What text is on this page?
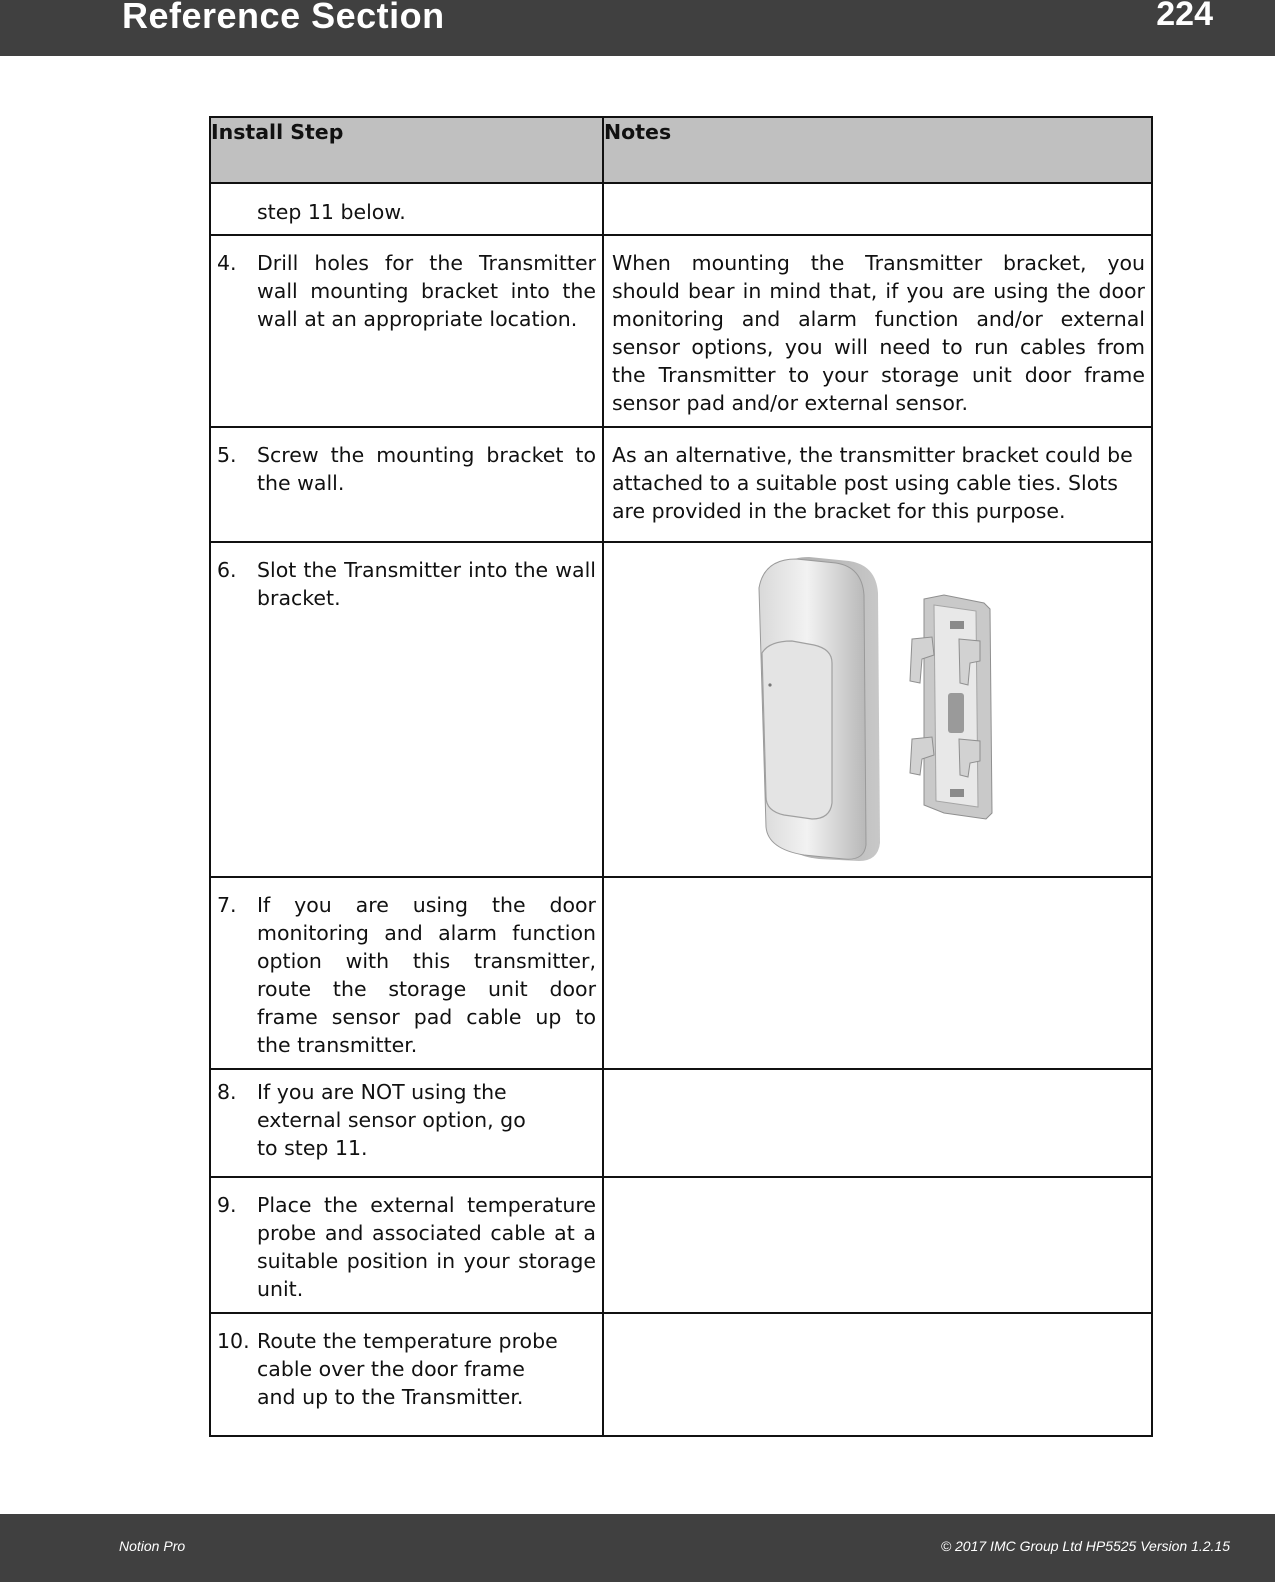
Reference Section	224
Install Step	Notes

step 11 below.	

4. Drill holes for the Transmitter wall mounting bracket into the wall at an appropriate location.	When mounting the Transmitter bracket, you should bear in mind that, if you are using the door monitoring and alarm function and/or external sensor options, you will need to run cables from the Transmitter to your storage unit door frame sensor pad and/or external sensor.

5. Screw the mounting bracket to the wall.	As an alternative, the transmitter bracket could be attached to a suitable post using cable ties. Slots are provided in the bracket for this purpose.

6. Slot the Transmitter into the wall bracket.

7. If you are using the door monitoring and alarm function option with this transmitter, route the storage unit door frame sensor pad cable up to the transmitter.	

8. If you are NOT using the external sensor option, go to step 11.	

9. Place the external temperature probe and associated cable at a suitable position in your storage unit.	

10. Route the temperature probe cable over the door frame and up to the Transmitter.	

Notion Pro	© 2017 IMC Group Ltd HP5525 Version 1.2.15
